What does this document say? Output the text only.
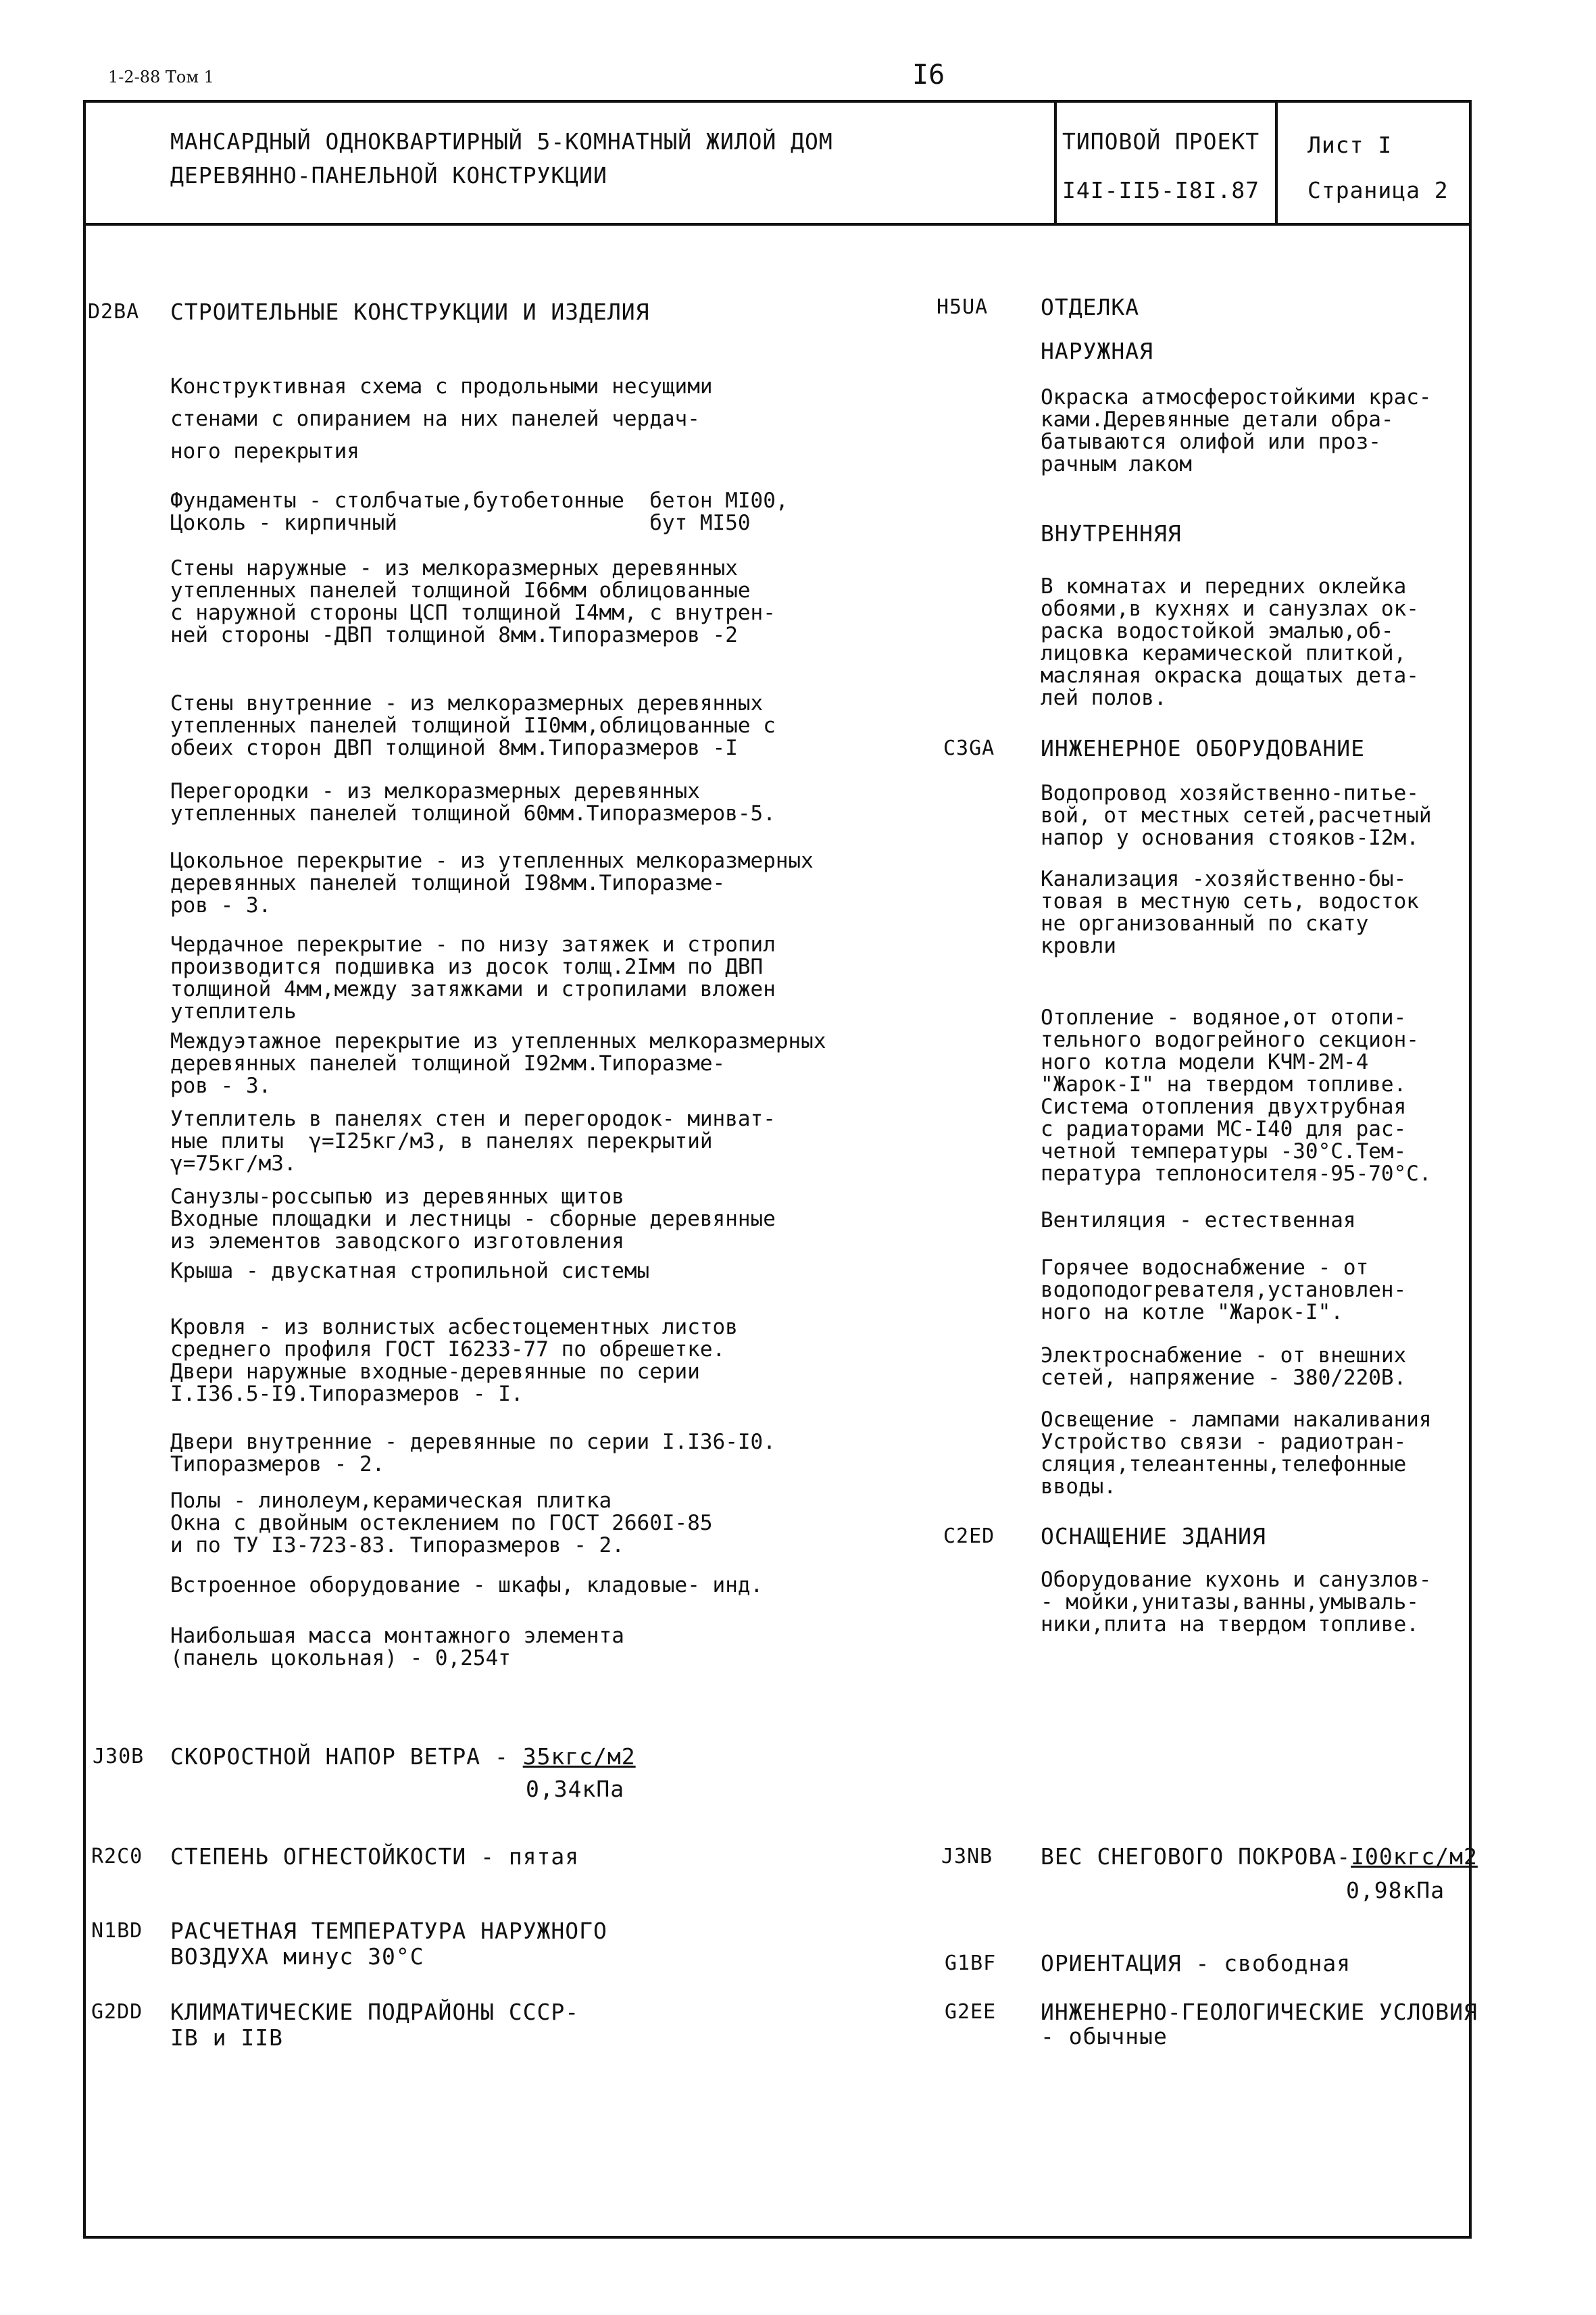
1-2-88 Том 1	I6
МАНСАРДНЫЙ ОДНОКВАРТИРНЫЙ 5-КОМНАТНЫЙ ЖИЛОЙ ДОМ
ДЕРЕВЯННО-ПАНЕЛЬНОЙ КОНСТРУКЦИИ
ТИПОВОЙ ПРОЕКТ
I4I-II5-I8I.87
Лист I
Страница 2
D2BA СТРОИТЕЛЬНЫЕ КОНСТРУКЦИИ И ИЗДЕЛИЯ
Конструктивная схема с продольными несущими
стенами с опиранием на них панелей чердач-
ного перекрытия
Фундаменты - столбчатые,бутобетонные  бетон MI00,
Цоколь - кирпичный                    бут MI50
Стены наружные - из мелкоразмерных деревянных
утепленных панелей толщиной I66мм облицованные
с наружной стороны ЦСП толщиной I4мм, с внутрен-
ней стороны -ДВП толщиной 8мм.Типоразмеров -2
Стены внутренние - из мелкоразмерных деревянных
утепленных панелей толщиной II0мм,облицованные с
обеих сторон ДВП толщиной 8мм.Типоразмеров -I
Перегородки - из мелкоразмерных деревянных
утепленных панелей толщиной 60мм.Типоразмеров-5.
Цокольное перекрытие - из утепленных мелкоразмерных
деревянных панелей толщиной I98мм.Типоразме-
ров - 3.
Чердачное перекрытие - по низу затяжек и стропил
производится подшивка из досок толщ.2Iмм по ДВП
толщиной 4мм,между затяжками и стропилами вложен
утеплитель
Междуэтажное перекрытие из утепленных мелкоразмерных
деревянных панелей толщиной I92мм.Типоразме-
ров - 3.
Утеплитель в панелях стен и перегородок- минват-
ные плиты  γ=I25кг/м3, в панелях перекрытий
γ=75кг/м3.
Санузлы-россыпью из деревянных щитов
Входные площадки и лестницы - сборные деревянные
из элементов заводского изготовления
Крыша - двускатная стропильной системы
Кровля - из волнистых асбестоцементных листов
среднего профиля ГОСТ I6233-77 по обрешетке.
Двери наружные входные-деревянные по серии
I.I36.5-I9.Типоразмеров - I.
Двери внутренние - деревянные по серии I.I36-I0.
Типоразмеров - 2.
Полы - линолеум,керамическая плитка
Окна с двойным остеклением по ГОСТ 2660I-85
и по ТУ I3-723-83. Типоразмеров - 2.
Встроенное оборудование - шкафы, кладовые- инд.
Наибольшая масса монтажного элемента
(панель цокольная) - 0,254т
J30B СКОРОСТНОЙ НАПОР ВЕТРА - 35кгс/м2
0,34кПа
R2C0 СТЕПЕНЬ ОГНЕСТОЙКОСТИ - пятая
N1BD РАСЧЕТНАЯ ТЕМПЕРАТУРА НАРУЖНОГО
ВОЗДУХА минус 30°C
G2DD КЛИМАТИЧЕСКИЕ ПОДРАЙОНЫ СССР-
IВ и IIВ
H5UA ОТДЕЛКА
НАРУЖНАЯ
Окраска атмосферостойкими крас-
ками.Деревянные детали обра-
батываются олифой или проз-
рачным лаком
ВНУТРЕННЯЯ
В комнатах и передних оклейка
обоями,в кухнях и санузлах ок-
раска водостойкой эмалью,об-
лицовка керамической плиткой,
масляная окраска дощатых дета-
лей полов.
C3GA ИНЖЕНЕРНОЕ ОБОРУДОВАНИЕ
Водопровод хозяйственно-питье-
вой, от местных сетей,расчетный
напор у основания стояков-I2м.
Канализация -хозяйственно-бы-
товая в местную сеть, водосток
не организованный по скату
кровли
Отопление - водяное,от отопи-
тельного водогрейного секцион-
ного котла модели КЧМ-2М-4
"Жарок-I" на твердом топливе.
Система отопления двухтрубная
с радиаторами МС-I40 для рас-
четной температуры -30°C.Тем-
пература теплоносителя-95-70°C.
Вентиляция - естественная
Горячее водоснабжение - от
водоподогревателя,установлен-
ного на котле "Жарок-I".
Электроснабжение - от внешних
сетей, напряжение - 380/220В.
Освещение - лампами накаливания
Устройство связи - радиотран-
сляция,телеантенны,телефонные
вводы.
C2ED ОСНАЩЕНИЕ ЗДАНИЯ
Оборудование кухонь и санузлов-
- мойки,унитазы,ванны,умываль-
ники,плита на твердом топливе.
J3NB ВЕС СНЕГОВОГО ПОКРОВА-I00кгс/м2
0,98кПа
G1BF ОРИЕНТАЦИЯ - свободная
G2EE ИНЖЕНЕРНО-ГЕОЛОГИЧЕСКИЕ УСЛОВИЯ
- обычные
